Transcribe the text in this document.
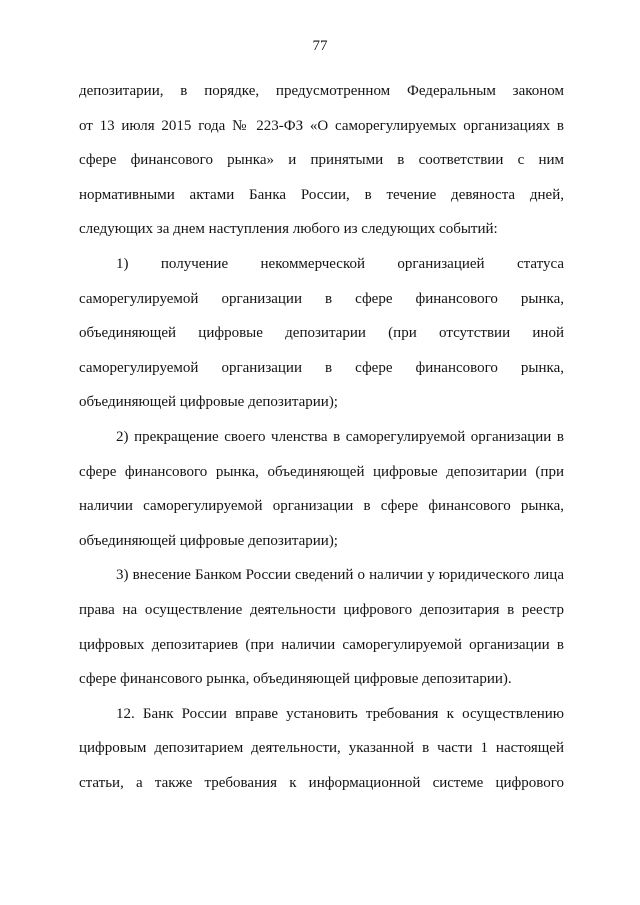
77
депозитарии, в порядке, предусмотренном Федеральным законом
от 13 июля 2015 года № 223-ФЗ «О саморегулируемых организациях в
сфере финансового рынка» и принятыми в соответствии с ним
нормативными актами Банка России, в течение девяноста дней,
следующих за днем наступления любого из следующих событий:
1) получение некоммерческой организацией статуса
саморегулируемой организации в сфере финансового рынка,
объединяющей цифровые депозитарии (при отсутствии иной
саморегулируемой организации в сфере финансового рынка,
объединяющей цифровые депозитарии);
2) прекращение своего членства в саморегулируемой организации в
сфере финансового рынка, объединяющей цифровые депозитарии (при
наличии саморегулируемой организации в сфере финансового рынка,
объединяющей цифровые депозитарии);
3) внесение Банком России сведений о наличии у юридического лица
права на осуществление деятельности цифрового депозитария в реестр
цифровых депозитариев (при наличии саморегулируемой организации в
сфере финансового рынка, объединяющей цифровые депозитарии).
12. Банк России вправе установить требования к осуществлению
цифровым депозитарием деятельности, указанной в части 1 настоящей
статьи, а также требования к информационной системе цифрового
